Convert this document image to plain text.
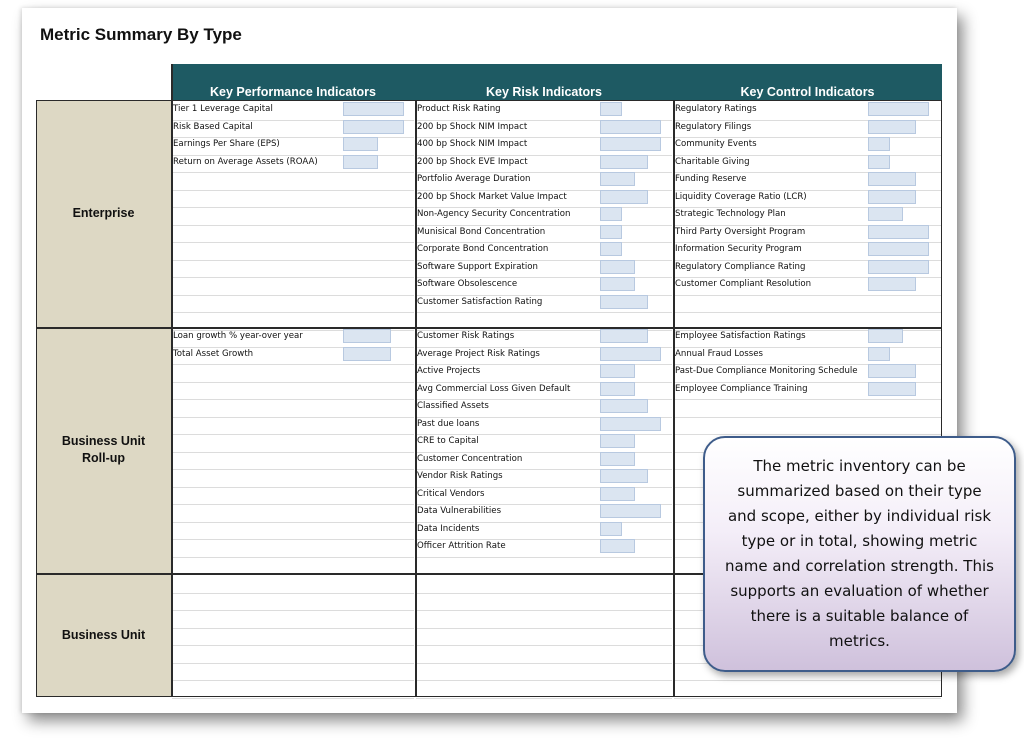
Metric Summary By Type
Key Performance Indicators	Key Risk Indicators	Key Control Indicators
Enterprise
Tier 1 Leverage Capital
Risk Based Capital
Earnings Per Share (EPS)
Return on Average Assets (ROAA)
Product Risk Rating
200 bp Shock NIM Impact
400 bp Shock NIM Impact
200 bp Shock EVE Impact
Portfolio Average Duration
200 bp Shock Market Value Impact
Non-Agency Security Concentration
Munisical Bond Concentration
Corporate Bond Concentration
Software Support Expiration
Software Obsolescence
Customer Satisfaction Rating
Regulatory Ratings
Regulatory Filings
Community Events
Charitable Giving
Funding Reserve
Liquidity Coverage Ratio (LCR)
Strategic Technology Plan
Third Party Oversight Program
Information Security Program
Regulatory Compliance Rating
Customer Compliant Resolution
Business Unit
Roll-up
Loan growth % year-over year
Total Asset Growth
Customer Risk Ratings
Average Project Risk Ratings
Active Projects
Avg Commercial Loss Given Default
Classified Assets
Past due loans
CRE to Capital
Customer Concentration
Vendor Risk Ratings
Critical Vendors
Data Vulnerabilities
Data Incidents
Officer Attrition Rate
Employee Satisfaction Ratings
Annual Fraud Losses
Past-Due Compliance Monitoring Schedule
Employee Compliance Training
Business Unit
The metric inventory can be summarized based on their type and scope, either by individual risk type or in total, showing metric name and correlation strength. This supports an evaluation of whether there is a suitable balance of metrics.
